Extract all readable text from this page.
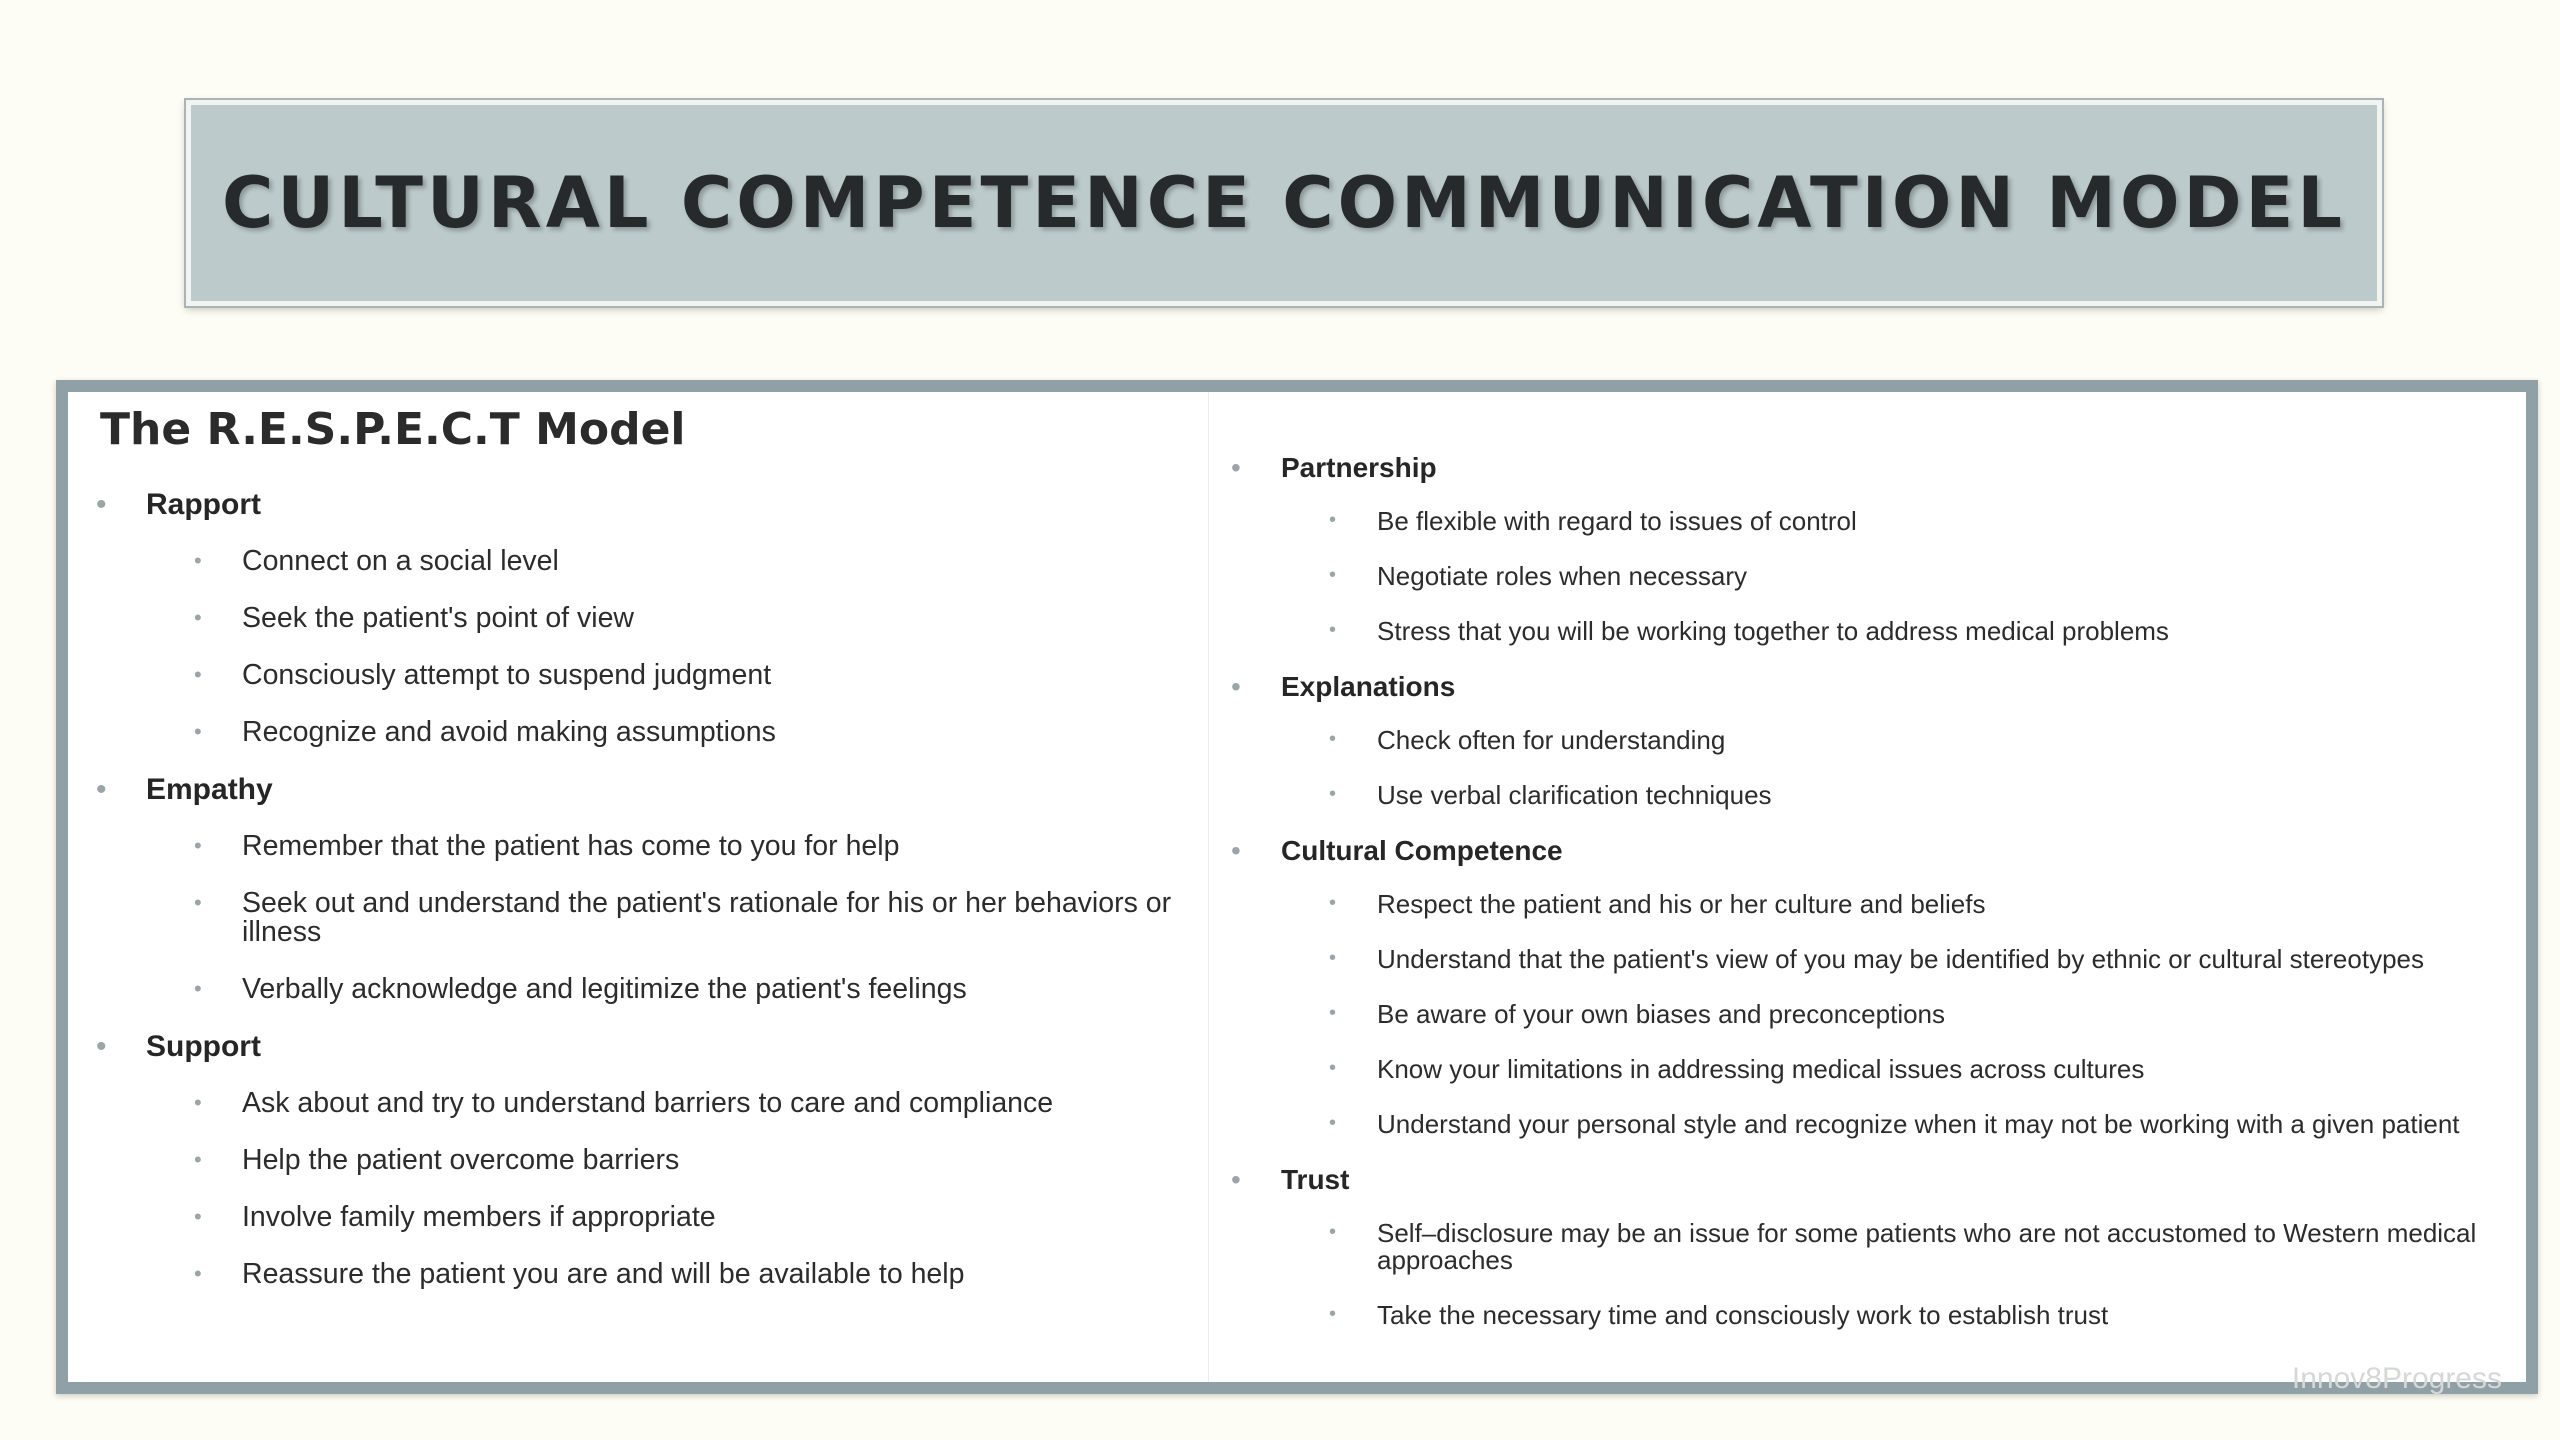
CULTURAL COMPETENCE COMMUNICATION MODEL
The R.E.S.P.E.C.T Model
• Rapport
• Connect on a social level
• Seek the patient's point of view
• Consciously attempt to suspend judgment
• Recognize and avoid making assumptions
• Empathy
• Remember that the patient has come to you for help
• Seek out and understand the patient's rationale for his or her behaviors or illness
• Verbally acknowledge and legitimize the patient's feelings
• Support
• Ask about and try to understand barriers to care and compliance
• Help the patient overcome barriers
• Involve family members if appropriate
• Reassure the patient you are and will be available to help
• Partnership
• Be flexible with regard to issues of control
• Negotiate roles when necessary
• Stress that you will be working together to address medical problems
• Explanations
• Check often for understanding
• Use verbal clarification techniques
• Cultural Competence
• Respect the patient and his or her culture and beliefs
• Understand that the patient's view of you may be identified by ethnic or cultural stereotypes
• Be aware of your own biases and preconceptions
• Know your limitations in addressing medical issues across cultures
• Understand your personal style and recognize when it may not be working with a given patient
• Trust
• Self–disclosure may be an issue for some patients who are not accustomed to Western medical approaches
• Take the necessary time and consciously work to establish trust
Innov8Progress
